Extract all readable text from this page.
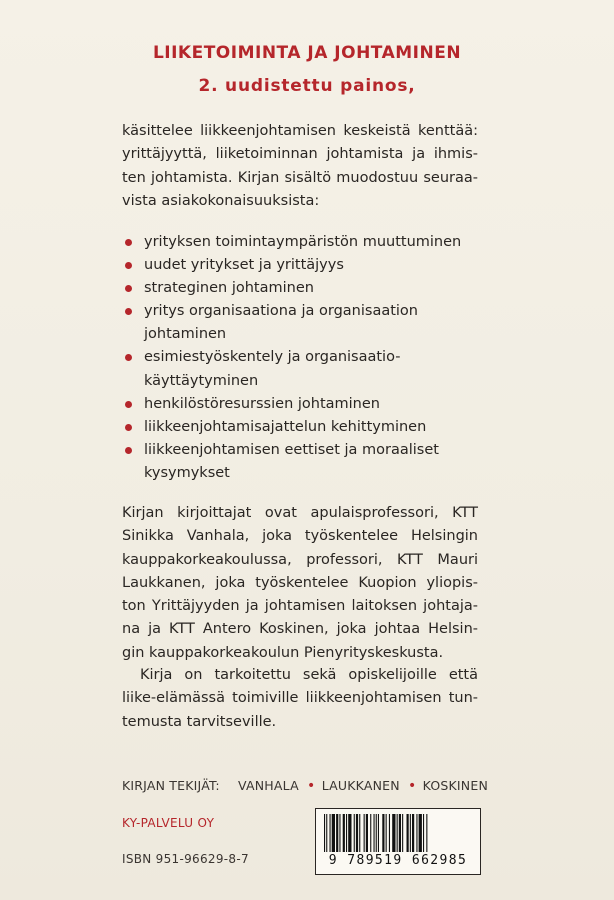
LIIKETOIMINTA JA JOHTAMINEN
2. uudistettu painos,
käsittelee liikkeenjohtamisen keskeistä kenttää:
yrittäjyyttä, liiketoiminnan johtamista ja ihmis-
ten johtamista. Kirjan sisältö muodostuu seuraa-
vista asiakokonaisuuksista:
yrityksen toimintaympäristön muuttuminen
uudet yritykset ja yrittäjyys
strateginen johtaminen
yritys organisaationa ja organisaation
johtaminen
esimiestyöskentely ja organisaatio-
käyttäytyminen
henkilöstöresurssien johtaminen
liikkeenjohtamisajattelun kehittyminen
liikkeenjohtamisen eettiset ja moraaliset
kysymykset
Kirjan kirjoittajat ovat apulaisprofessori, KTT
Sinikka Vanhala, joka työskentelee Helsingin
kauppakorkeakoulussa, professori, KTT Mauri
Laukkanen, joka työskentelee Kuopion yliopis-
ton Yrittäjyyden ja johtamisen laitoksen johtaja-
na ja KTT Antero Koskinen, joka johtaa Helsin-
gin kauppakorkeakoulun Pienyrityskeskusta.
Kirja on tarkoitettu sekä opiskelijoille että
liike-elämässä toimiville liikkeenjohtamisen tun-
temusta tarvitseville.
KIRJAN TEKIJÄT: VANHALA • LAUKKANEN • KOSKINEN
KY-PALVELU OY
ISBN 951-96629-8-7	9 789519 662985
